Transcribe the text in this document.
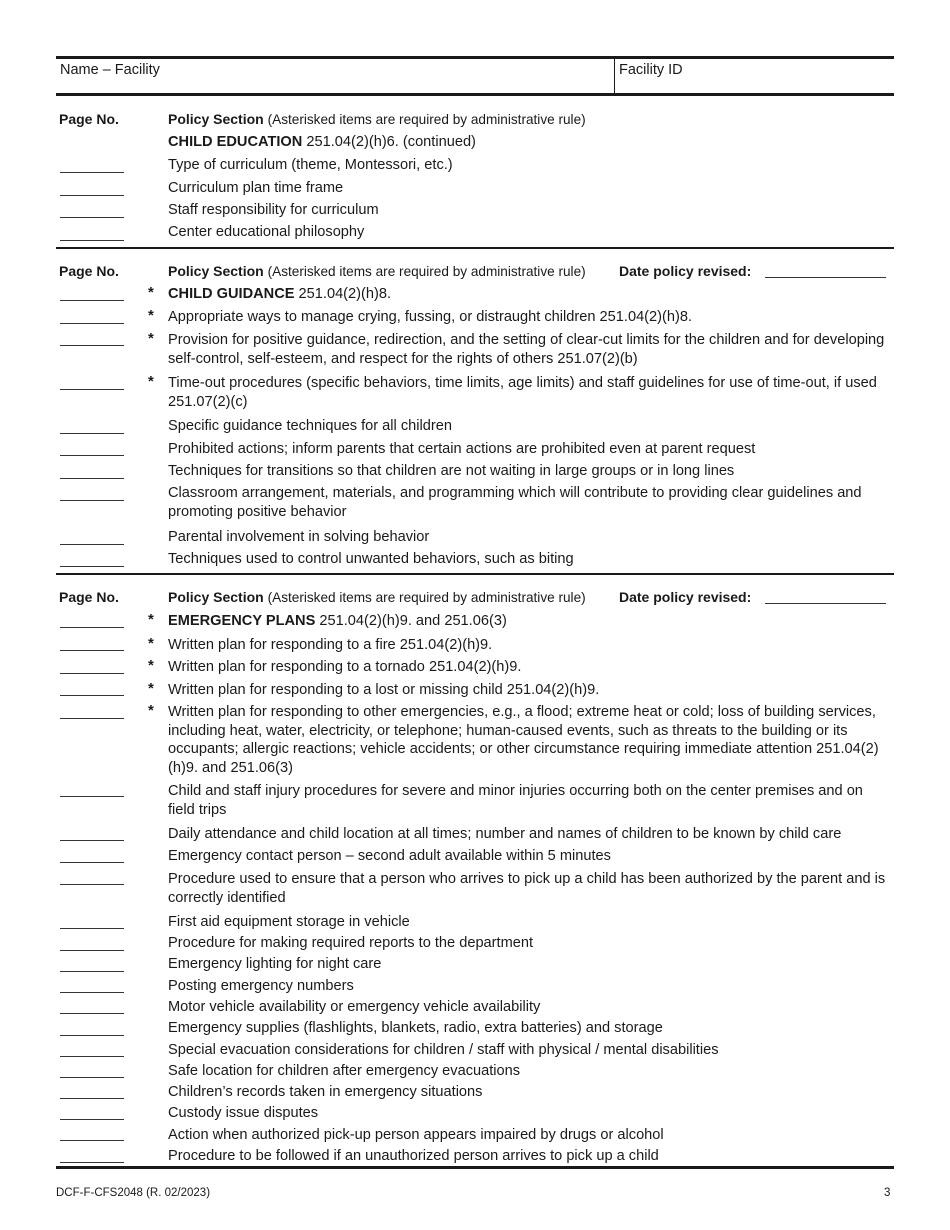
Name – Facility	Facility ID
Page No.	Policy Section (Asterisked items are required by administrative rule)
CHILD EDUCATION 251.04(2)(h)6. (continued)
Type of curriculum (theme, Montessori, etc.)
Curriculum plan time frame
Staff responsibility for curriculum
Center educational philosophy
Page No.	Policy Section (Asterisked items are required by administrative rule) Date policy revised:
* CHILD GUIDANCE 251.04(2)(h)8.
* Appropriate ways to manage crying, fussing, or distraught children 251.04(2)(h)8.
* Provision for positive guidance, redirection, and the setting of clear-cut limits for the children and for developing self-control, self-esteem, and respect for the rights of others 251.07(2)(b)
* Time-out procedures (specific behaviors, time limits, age limits) and staff guidelines for use of time-out, if used 251.07(2)(c)
Specific guidance techniques for all children
Prohibited actions; inform parents that certain actions are prohibited even at parent request
Techniques for transitions so that children are not waiting in large groups or in long lines
Classroom arrangement, materials, and programming which will contribute to providing clear guidelines and promoting positive behavior
Parental involvement in solving behavior
Techniques used to control unwanted behaviors, such as biting
Page No.	Policy Section (Asterisked items are required by administrative rule) Date policy revised:
* EMERGENCY PLANS 251.04(2)(h)9. and 251.06(3)
* Written plan for responding to a fire 251.04(2)(h)9.
* Written plan for responding to a tornado 251.04(2)(h)9.
* Written plan for responding to a lost or missing child 251.04(2)(h)9.
* Written plan for responding to other emergencies, e.g., a flood; extreme heat or cold; loss of building services, including heat, water, electricity, or telephone; human-caused events, such as threats to the building or its occupants; allergic reactions; vehicle accidents; or other circumstance requiring immediate attention 251.04(2)(h)9. and 251.06(3)
Child and staff injury procedures for severe and minor injuries occurring both on the center premises and on field trips
Daily attendance and child location at all times; number and names of children to be known by child care
Emergency contact person – second adult available within 5 minutes
Procedure used to ensure that a person who arrives to pick up a child has been authorized by the parent and is correctly identified
First aid equipment storage in vehicle
Procedure for making required reports to the department
Emergency lighting for night care
Posting emergency numbers
Motor vehicle availability or emergency vehicle availability
Emergency supplies (flashlights, blankets, radio, extra batteries) and storage
Special evacuation considerations for children / staff with physical / mental disabilities
Safe location for children after emergency evacuations
Children’s records taken in emergency situations
Custody issue disputes
Action when authorized pick-up person appears impaired by drugs or alcohol
Procedure to be followed if an unauthorized person arrives to pick up a child
DCF-F-CFS2048 (R. 02/2023)	3
